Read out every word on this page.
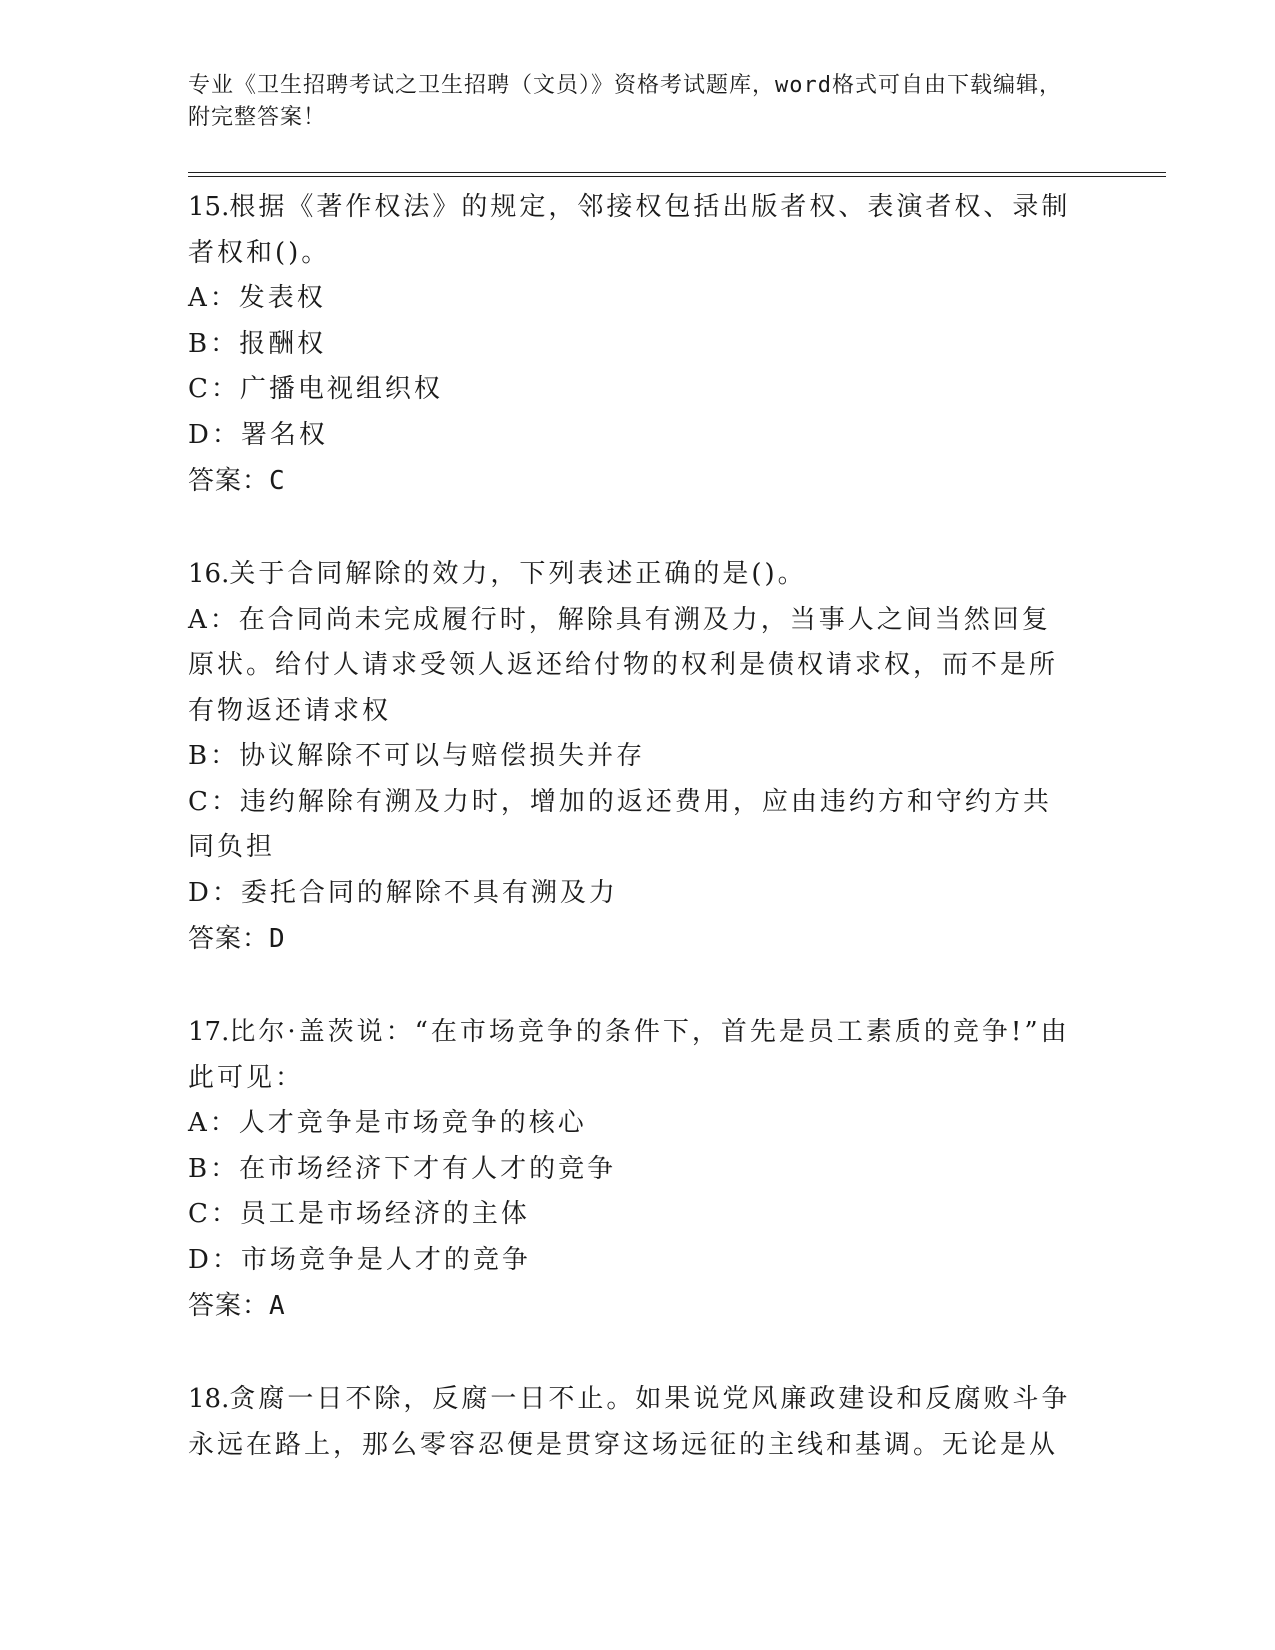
专业《卫生招聘考试之卫生招聘（文员）》资格考试题库，word格式可自由下载编辑，附完整答案！

15.根据《著作权法》的规定，邻接权包括出版者权、表演者权、录制者权和()。

A：发表权

B：报酬权

C：广播电视组织权

D：署名权

答案：C

16.关于合同解除的效力，下列表述正确的是()。

A：在合同尚未完成履行时，解除具有溯及力，当事人之间当然回复原状。给付人请求受领人返还给付物的权利是债权请求权，而不是所有物返还请求权

B：协议解除不可以与赔偿损失并存

C：违约解除有溯及力时，增加的返还费用，应由违约方和守约方共同负担

D：委托合同的解除不具有溯及力

答案：D

17.比尔·盖茨说：“在市场竞争的条件下，首先是员工素质的竞争!”由此可见：

A：人才竞争是市场竞争的核心

B：在市场经济下才有人才的竞争

C：员工是市场经济的主体

D：市场竞争是人才的竞争

答案：A

18.贪腐一日不除，反腐一日不止。如果说党风廉政建设和反腐败斗争永远在路上，那么零容忍便是贯穿这场远征的主线和基调。无论是从
